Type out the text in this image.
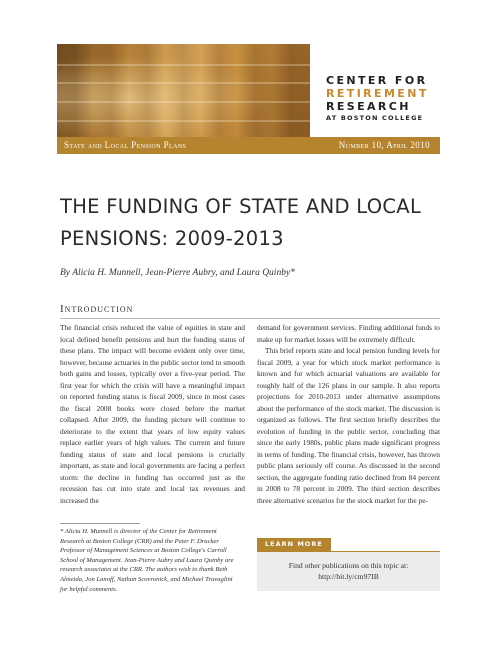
CENTER FOR
RETIREMENT
RESEARCH
AT BOSTON COLLEGE
State and Local Pension Plans	Number 10, April 2010
THE FUNDING OF STATE AND LOCAL PENSIONS: 2009-2013
By Alicia H. Munnell, Jean-Pierre Aubry, and Laura Quinby*
Introduction

The financial crisis reduced the value of equities in state and local defined benefit pensions and hurt the funding status of these plans. The impact will become evident only over time, however, because actuaries in the public sector tend to smooth both gains and losses, typically over a five-year period. The first year for which the crisis will have a meaningful impact on reported funding status is fiscal 2009, since in most cases the fiscal 2008 books were closed before the market collapsed. After 2009, the funding picture will continue to deteriorate to the extent that years of low equity values replace earlier years of high values. The current and future funding status of state and local pensions is crucially important, as state and local governments are facing a perfect storm: the decline in funding has occurred just as the recession has cut into state and local tax revenues and increased the

demand for government services. Finding additional funds to make up for market losses will be extremely difficult.

This brief reports state and local pension funding levels for fiscal 2009, a year for which stock market performance is known and for which actuarial valuations are available for roughly half of the 126 plans in our sample. It also reports projections for 2010-2013 under alternative assumptions about the performance of the stock market. The discussion is organized as follows. The first section briefly describes the evolution of funding in the public sector, concluding that since the early 1980s, public plans made significant progress in terms of funding. The financial crisis, however, has thrown public plans seriously off course. As discussed in the second section, the aggregate funding ratio declined from 84 percent in 2008 to 78 percent in 2009. The third section describes three alternative scenarios for the stock market for the pe-

* Alicia H. Munnell is director of the Center for Retirement Research at Boston College (CRR) and the Peter F. Drucker Professor of Management Sciences at Boston College's Carroll School of Management. Jean-Pierre Aubry and Laura Quinby are research associates at the CRR. The authors wish to thank Beth Almeida, Jon Lanoff, Nathan Scovronick, and Michael Travaglini for helpful comments.

LEARN MORE
Find other publications on this topic at:
http://bit.ly/cm97IB
